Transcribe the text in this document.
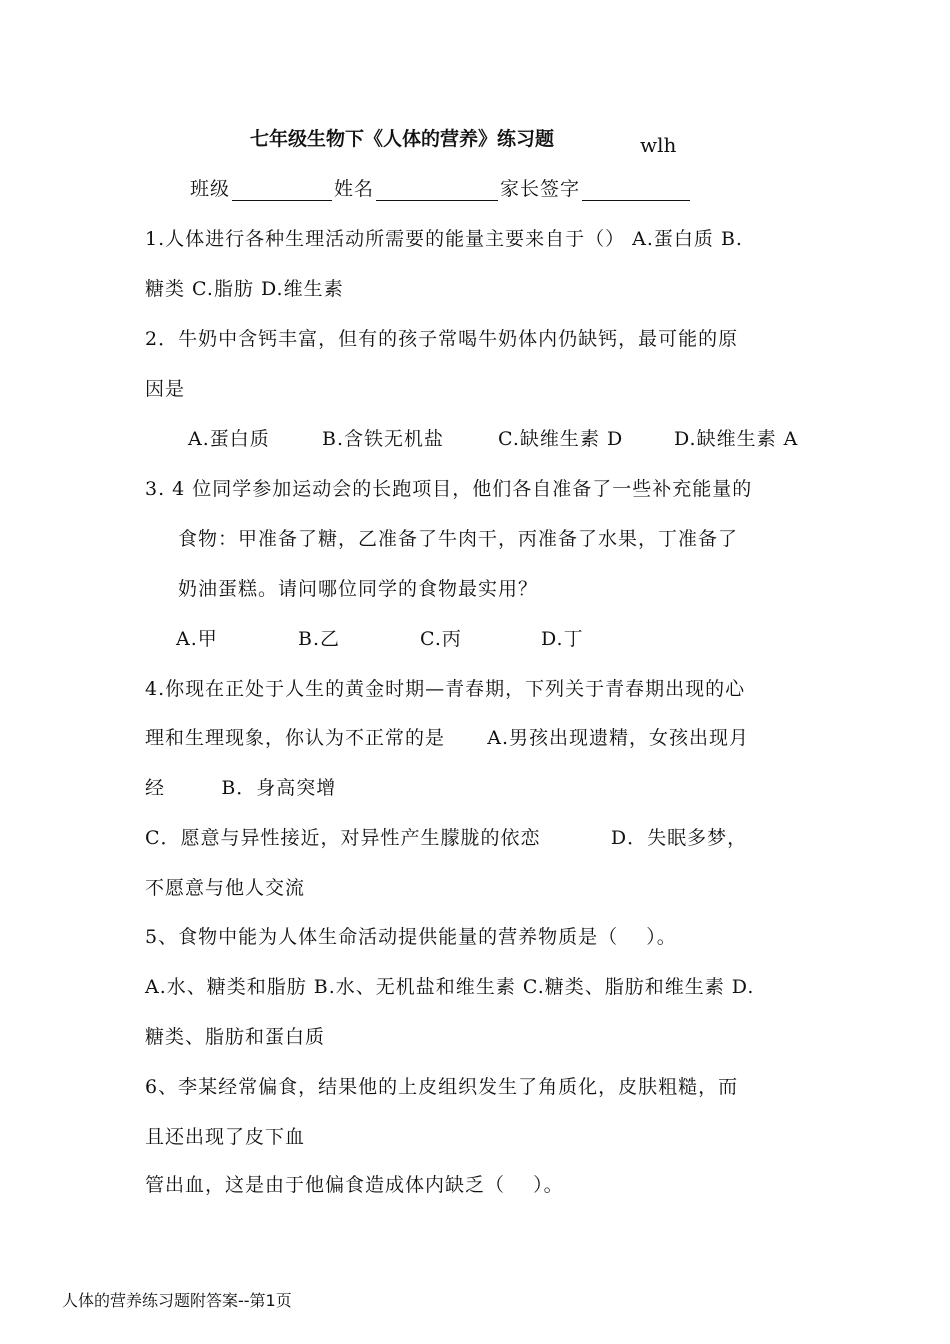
七年级生物下《人体的营养》练习题	wlh
班级	姓名	家长签字
1.人体进行各种生理活动所需要的能量主要来自于（） A.蛋白质 B.
糖类 C.脂肪 D.维生素
2．牛奶中含钙丰富，但有的孩子常喝牛奶体内仍缺钙，最可能的原
因是
A.蛋白质	B.含铁无机盐	C.缺维生素 D	D.缺维生素 A
3. 4 位同学参加运动会的长跑项目，他们各自准备了一些补充能量的
食物：甲准备了糖，乙准备了牛肉干，丙准备了水果，丁准备了
奶油蛋糕。请问哪位同学的食物最实用？
A.甲	B.乙	C.丙	D.丁
4.你现在正处于人生的黄金时期—青春期，下列关于青春期出现的心
理和生理现象，你认为不正常的是      A.男孩出现遗精，女孩出现月
经        B．身高突增
C．愿意与异性接近，对异性产生朦胧的依恋          D．失眠多梦，
不愿意与他人交流
5、食物中能为人体生命活动提供能量的营养物质是（    ）。
A.水、糖类和脂肪 B.水、无机盐和维生素 C.糖类、脂肪和维生素 D.
糖类、脂肪和蛋白质
6、李某经常偏食，结果他的上皮组织发生了角质化，皮肤粗糙，而
且还出现了皮下血
管出血，这是由于他偏食造成体内缺乏（    ）。
人体的营养练习题附答案--第1页
